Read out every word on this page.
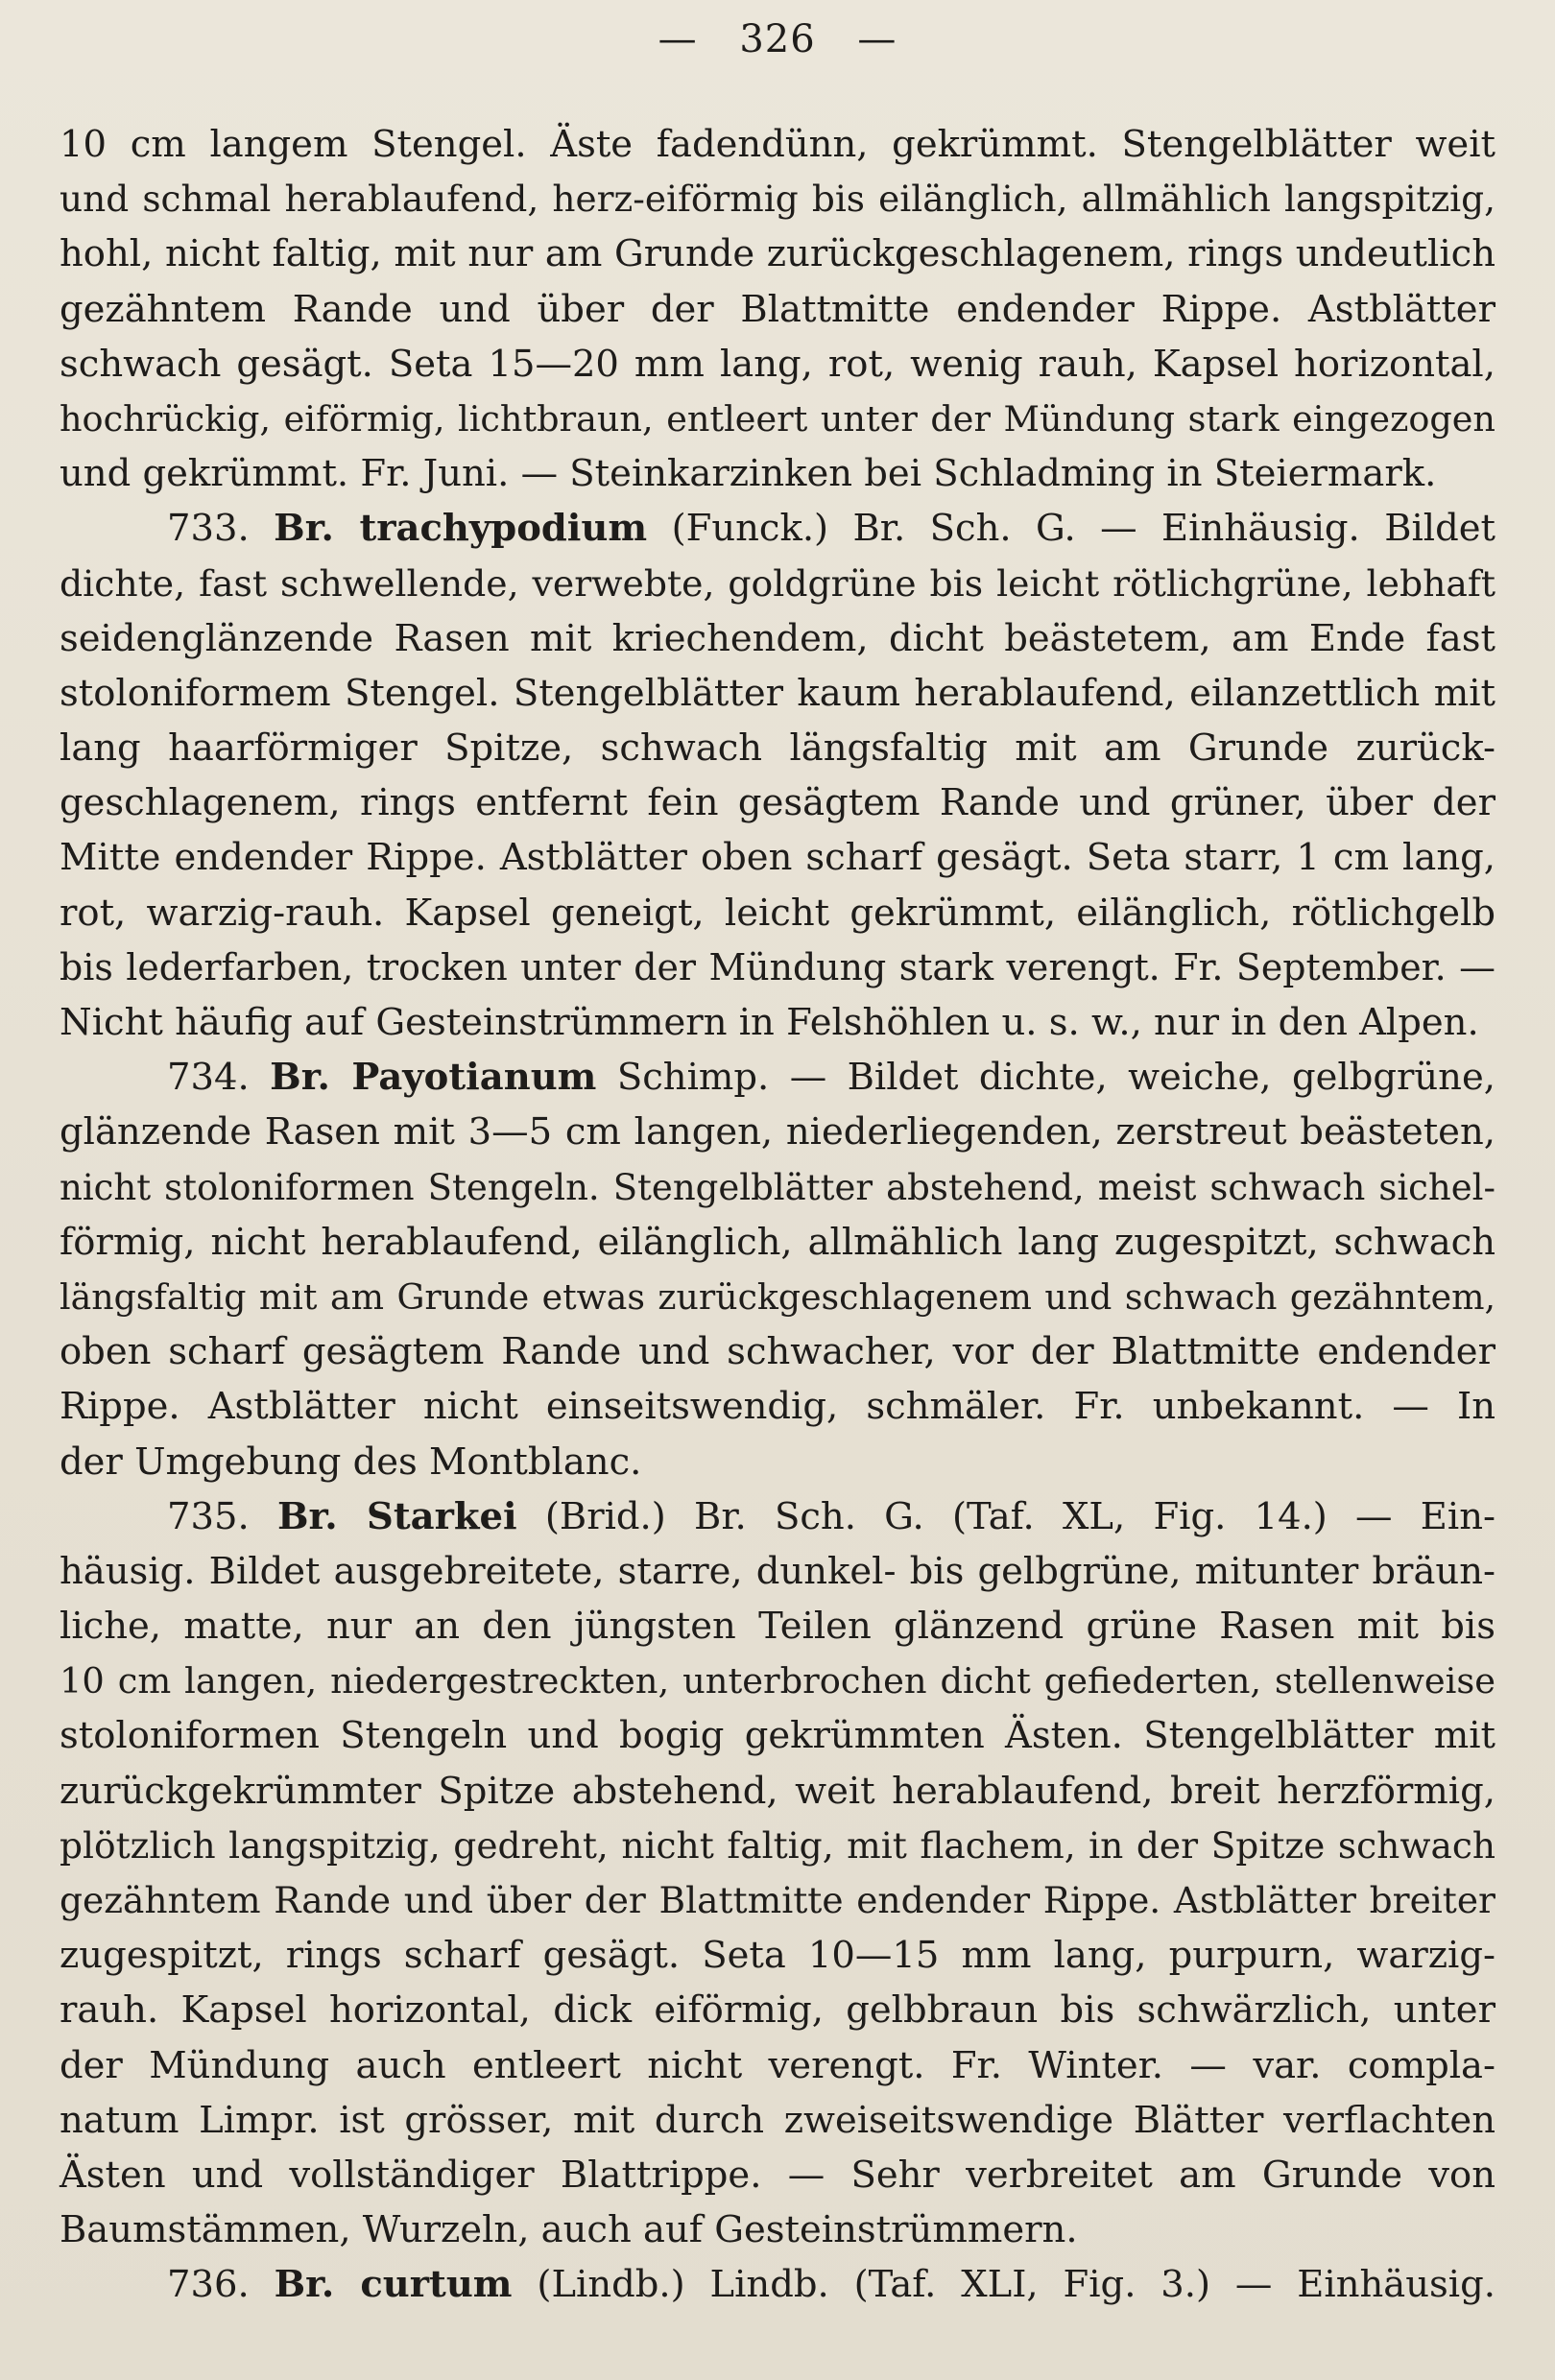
— 326 —
10 cm langem Stengel. Äste fadendünn, gekrümmt. Stengelblätter weit
und schmal herablaufend, herz-eiförmig bis eilänglich, allmählich langspitzig,
hohl, nicht faltig, mit nur am Grunde zurückgeschlagenem, rings undeutlich
gezähntem Rande und über der Blattmitte endender Rippe. Astblätter
schwach gesägt. Seta 15—20 mm lang, rot, wenig rauh, Kapsel horizontal,
hochrückig, eiförmig, lichtbraun, entleert unter der Mündung stark eingezogen
und gekrümmt. Fr. Juni. — Steinkarzinken bei Schladming in Steiermark.
733. Br. trachypodium (Funck.) Br. Sch. G. — Einhäusig. Bildet
dichte, fast schwellende, verwebte, goldgrüne bis leicht rötlichgrüne, lebhaft
seidenglänzende Rasen mit kriechendem, dicht beästetem, am Ende fast
stoloniformem Stengel. Stengelblätter kaum herablaufend, eilanzettlich mit
lang haarförmiger Spitze, schwach längsfaltig mit am Grunde zurück-
geschlagenem, rings entfernt fein gesägtem Rande und grüner, über der
Mitte endender Rippe. Astblätter oben scharf gesägt. Seta starr, 1 cm lang,
rot, warzig-rauh. Kapsel geneigt, leicht gekrümmt, eilänglich, rötlichgelb
bis lederfarben, trocken unter der Mündung stark verengt. Fr. September. —
Nicht häufig auf Gesteinstrümmern in Felshöhlen u. s. w., nur in den Alpen.
734. Br. Payotianum Schimp. — Bildet dichte, weiche, gelbgrüne,
glänzende Rasen mit 3—5 cm langen, niederliegenden, zerstreut beästeten,
nicht stoloniformen Stengeln. Stengelblätter abstehend, meist schwach sichel-
förmig, nicht herablaufend, eilänglich, allmählich lang zugespitzt, schwach
längsfaltig mit am Grunde etwas zurückgeschlagenem und schwach gezähntem,
oben scharf gesägtem Rande und schwacher, vor der Blattmitte endender
Rippe. Astblätter nicht einseitswendig, schmäler. Fr. unbekannt. — In
der Umgebung des Montblanc.
735. Br. Starkei (Brid.) Br. Sch. G. (Taf. XL, Fig. 14.) — Ein-
häusig. Bildet ausgebreitete, starre, dunkel- bis gelbgrüne, mitunter bräun-
liche, matte, nur an den jüngsten Teilen glänzend grüne Rasen mit bis
10 cm langen, niedergestreckten, unterbrochen dicht gefiederten, stellenweise
stoloniformen Stengeln und bogig gekrümmten Ästen. Stengelblätter mit
zurückgekrümmter Spitze abstehend, weit herablaufend, breit herzförmig,
plötzlich langspitzig, gedreht, nicht faltig, mit flachem, in der Spitze schwach
gezähntem Rande und über der Blattmitte endender Rippe. Astblätter breiter
zugespitzt, rings scharf gesägt. Seta 10—15 mm lang, purpurn, warzig-
rauh. Kapsel horizontal, dick eiförmig, gelbbraun bis schwärzlich, unter
der Mündung auch entleert nicht verengt. Fr. Winter. — var. compla-
natum Limpr. ist grösser, mit durch zweiseitswendige Blätter verflachten
Ästen und vollständiger Blattrippe. — Sehr verbreitet am Grunde von
Baumstämmen, Wurzeln, auch auf Gesteinstrümmern.
736. Br. curtum (Lindb.) Lindb. (Taf. XLI, Fig. 3.) — Einhäusig.
